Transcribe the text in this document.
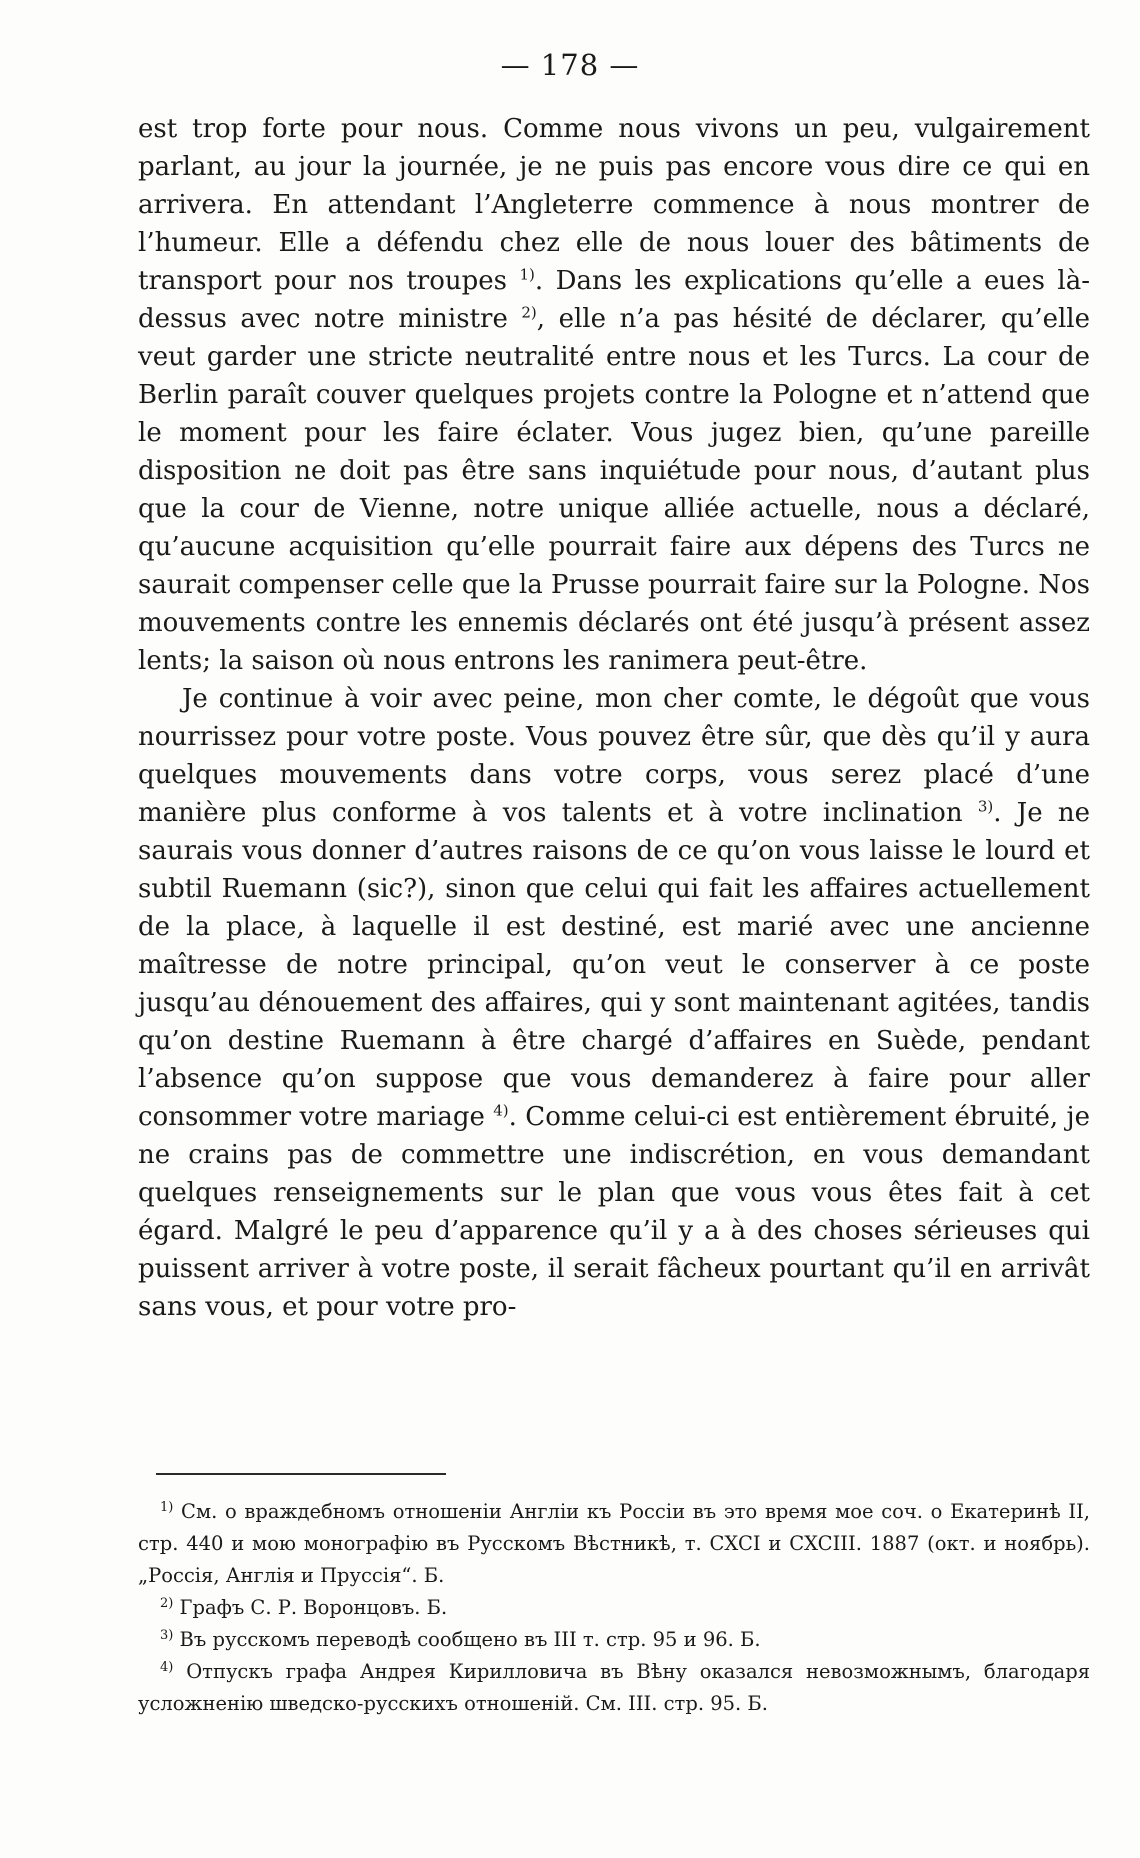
— 178 —

est trop forte pour nous. Comme nous vivons un peu, vulgairement parlant, au jour la journée, je ne puis pas encore vous dire ce qui en arrivera. En attendant l’Angleterre commence à nous montrer de l’humeur. Elle a défendu chez elle de nous louer des bâtiments de transport pour nos troupes $^{1)}$. Dans les explications qu’elle a eues là-dessus avec notre ministre $^{2)}$, elle n’a pas hésité de déclarer, qu’elle veut garder une stricte neutralité entre nous et les Turcs. La cour de Berlin paraît couver quelques projets contre la Pologne et n’attend que le moment pour les faire éclater. Vous jugez bien, qu’une pareille disposition ne doit pas être sans inquiétude pour nous, d’autant plus que la cour de Vienne, notre unique alliée actuelle, nous a déclaré, qu’aucune acquisition qu’elle pourrait faire aux dépens des Turcs ne saurait compenser celle que la Prusse pourrait faire sur la Pologne. Nos mouvements contre les ennemis déclarés ont été jusqu’à présent assez lents; la saison où nous entrons les ranimera peut-être.

Je continue à voir avec peine, mon cher comte, le dégoût que vous nourrissez pour votre poste. Vous pouvez être sûr, que dès qu’il y aura quelques mouvements dans votre corps, vous serez placé d’une manière plus conforme à vos talents et à votre inclination $^{3)}$. Je ne saurais vous donner d’autres raisons de ce qu’on vous laisse le lourd et subtil Ruemann (sic?), sinon que celui qui fait les affaires actuellement de la place, à laquelle il est destiné, est marié avec une ancienne maîtresse de notre principal, qu’on veut le conserver à ce poste jusqu’au dénouement des affaires, qui y sont maintenant agitées, tandis qu’on destine Ruemann à être chargé d’affaires en Suède, pendant l’absence qu’on suppose que vous demanderez à faire pour aller consommer votre mariage $^{4)}$. Comme celui-ci est entièrement ébruité, je ne crains pas de commettre une indiscrétion, en vous demandant quelques renseignements sur le plan que vous vous êtes fait à cet égard. Malgré le peu d’apparence qu’il y a à des choses sérieuses qui puissent arriver à votre poste, il serait fâcheux pourtant qu’il en arrivât sans vous, et pour votre pro-

$^{1)}$ См. о враждебномъ отношенiи Англiи къ Россiи въ это время мое соч. о Екатеринѣ II, стр. 440 и мою монографiю въ Русскомъ Вѣстникѣ, т. CXCI и CXCIII. 1887 (окт. и ноябрь). „Россiя, Англiя и Пруссiя“. Б.

$^{2)}$ Графъ С. Р. Воронцовъ. Б.

$^{3)}$ Въ русскомъ переводѣ сообщено въ III т. стр. 95 и 96. Б.

$^{4)}$ Отпускъ графа Андрея Кирилловича въ Вѣну оказался невозможнымъ, благодаря усложненiю шведско-русскихъ отношенiй. См. III. стр. 95. Б.
